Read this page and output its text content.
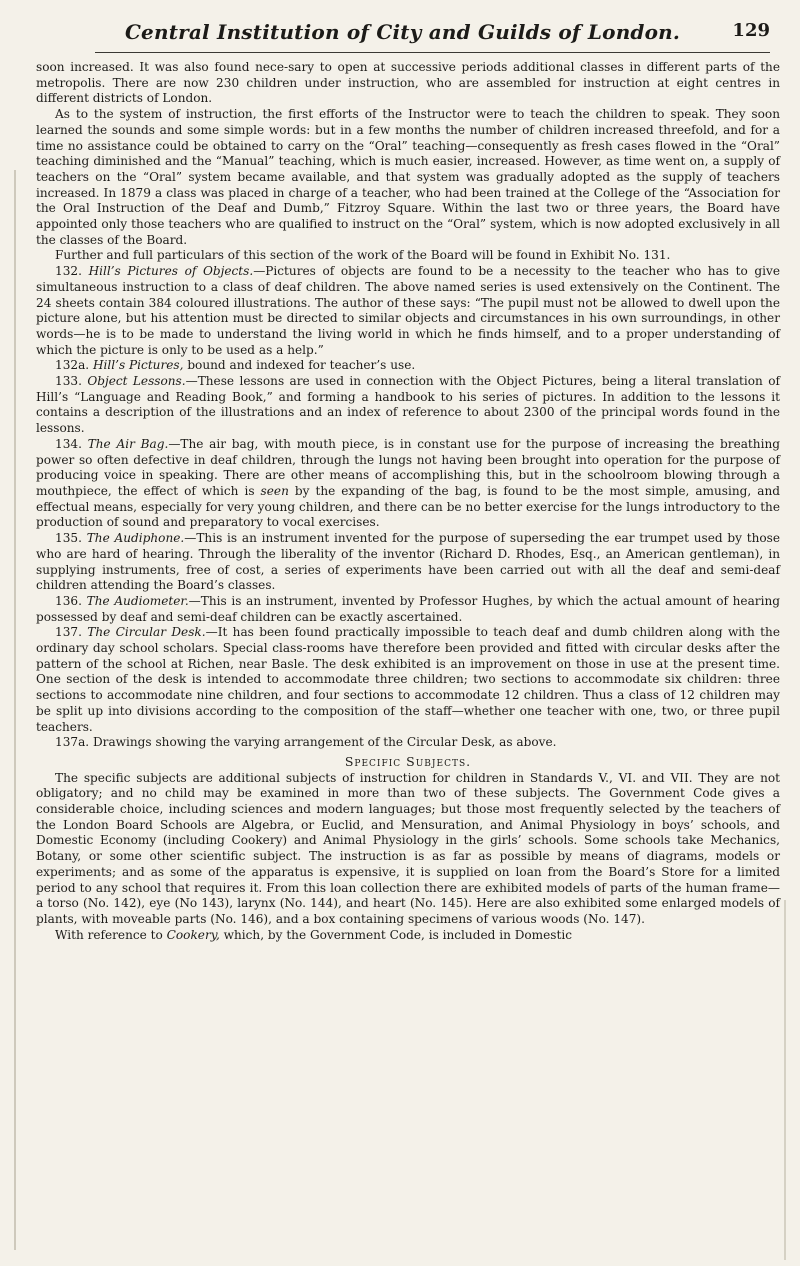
Central Institution of City and Guilds of London.	129

soon increased. It was also found nece-sary to open at successive periods additional classes in different parts of the metropolis. There are now 230 children under instruction, who are assembled for instruction at eight centres in different districts of London.

As to the system of instruction, the first efforts of the Instructor were to teach the children to speak. They soon learned the sounds and some simple words: but in a few months the number of children increased threefold, and for a time no assistance could be obtained to carry on the “Oral” teaching—consequently as fresh cases flowed in the “Oral” teaching diminished and the “Manual” teaching, which is much easier, increased. However, as time went on, a supply of teachers on the “Oral” system became available, and that system was gradually adopted as the supply of teachers increased. In 1879 a class was placed in charge of a teacher, who had been trained at the College of the “Association for the Oral Instruction of the Deaf and Dumb,” Fitzroy Square. Within the last two or three years, the Board have appointed only those teachers who are qualified to instruct on the “Oral” system, which is now adopted exclusively in all the classes of the Board.

Further and full particulars of this section of the work of the Board will be found in Exhibit No. 131.

132. Hill’s Pictures of Objects.—Pictures of objects are found to be a necessity to the teacher who has to give simultaneous instruction to a class of deaf children. The above named series is used extensively on the Continent. The 24 sheets contain 384 coloured illustrations. The author of these says: “The pupil must not be allowed to dwell upon the picture alone, but his attention must be directed to similar objects and circumstances in his own surroundings, in other words—he is to be made to understand the living world in which he finds himself, and to a proper understanding of which the picture is only to be used as a help.”

132a. Hill’s Pictures, bound and indexed for teacher’s use.

133. Object Lessons.—These lessons are used in connection with the Object Pictures, being a literal translation of Hill’s “Language and Reading Book,” and forming a handbook to his series of pictures. In addition to the lessons it contains a description of the illustrations and an index of reference to about 2300 of the principal words found in the lessons.

134. The Air Bag.—The air bag, with mouth piece, is in constant use for the purpose of increasing the breathing power so often defective in deaf children, through the lungs not having been brought into operation for the purpose of producing voice in speaking. There are other means of accomplishing this, but in the schoolroom blowing through a mouthpiece, the effect of which is seen by the expanding of the bag, is found to be the most simple, amusing, and effectual means, especially for very young children, and there can be no better exercise for the lungs introductory to the production of sound and preparatory to vocal exercises.

135. The Audiphone.—This is an instrument invented for the purpose of superseding the ear trumpet used by those who are hard of hearing. Through the liberality of the inventor (Richard D. Rhodes, Esq., an American gentleman), in supplying instruments, free of cost, a series of experiments have been carried out with all the deaf and semi-deaf children attending the Board’s classes.

136. The Audiometer.—This is an instrument, invented by Professor Hughes, by which the actual amount of hearing possessed by deaf and semi-deaf children can be exactly ascertained.

137. The Circular Desk.—It has been found practically impossible to teach deaf and dumb children along with the ordinary day school scholars. Special class-rooms have therefore been provided and fitted with circular desks after the pattern of the school at Richen, near Basle. The desk exhibited is an improvement on those in use at the present time. One section of the desk is intended to accommodate three children; two sections to accommodate six children: three sections to accommodate nine children, and four sections to accommodate 12 children. Thus a class of 12 children may be split up into divisions according to the composition of the staff—whether one teacher with one, two, or three pupil teachers.

137a. Drawings showing the varying arrangement of the Circular Desk, as above.

Specific Subjects.

The specific subjects are additional subjects of instruction for children in Standards V., VI. and VII. They are not obligatory; and no child may be examined in more than two of these subjects. The Government Code gives a considerable choice, including sciences and modern languages; but those most frequently selected by the teachers of the London Board Schools are Algebra, or Euclid, and Mensuration, and Animal Physiology in boys’ schools, and Domestic Economy (including Cookery) and Animal Physiology in the girls’ schools. Some schools take Mechanics, Botany, or some other scientific subject. The instruction is as far as possible by means of diagrams, models or experiments; and as some of the apparatus is expensive, it is supplied on loan from the Board’s Store for a limited period to any school that requires it. From this loan collection there are exhibited models of parts of the human frame—a torso (No. 142), eye (No 143), larynx (No. 144), and heart (No. 145). Here are also exhibited some enlarged models of plants, with moveable parts (No. 146), and a box containing specimens of various woods (No. 147).

With reference to Cookery, which, by the Government Code, is included in Domestic
